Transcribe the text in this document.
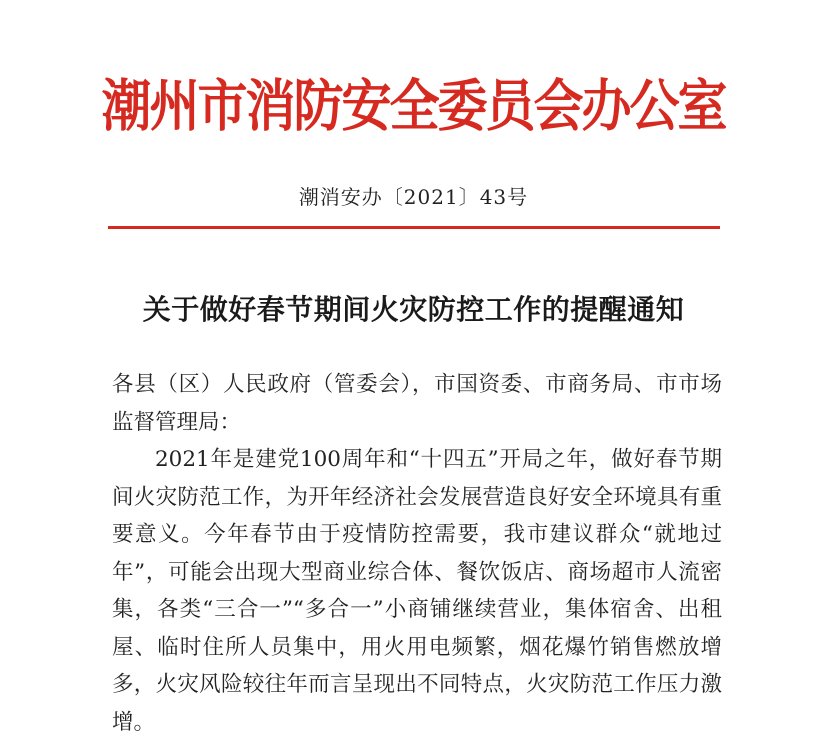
潮州市消防安全委员会办公室
潮消安办〔2021〕43号
关于做好春节期间火灾防控工作的提醒通知

各县（区）人民政府（管委会），市国资委、市商务局、市市场监督管理局：

2021年是建党100周年和“十四五”开局之年，做好春节期间火灾防范工作，为开年经济社会发展营造良好安全环境具有重要意义。今年春节由于疫情防控需要，我市建议群众“就地过年”，可能会出现大型商业综合体、餐饮饭店、商场超市人流密集，各类“三合一”“多合一”小商铺继续营业，集体宿舍、出租屋、临时住所人员集中，用火用电频繁，烟花爆竹销售燃放增多，火灾风险较往年而言呈现出不同特点，火灾防范工作压力激增。
